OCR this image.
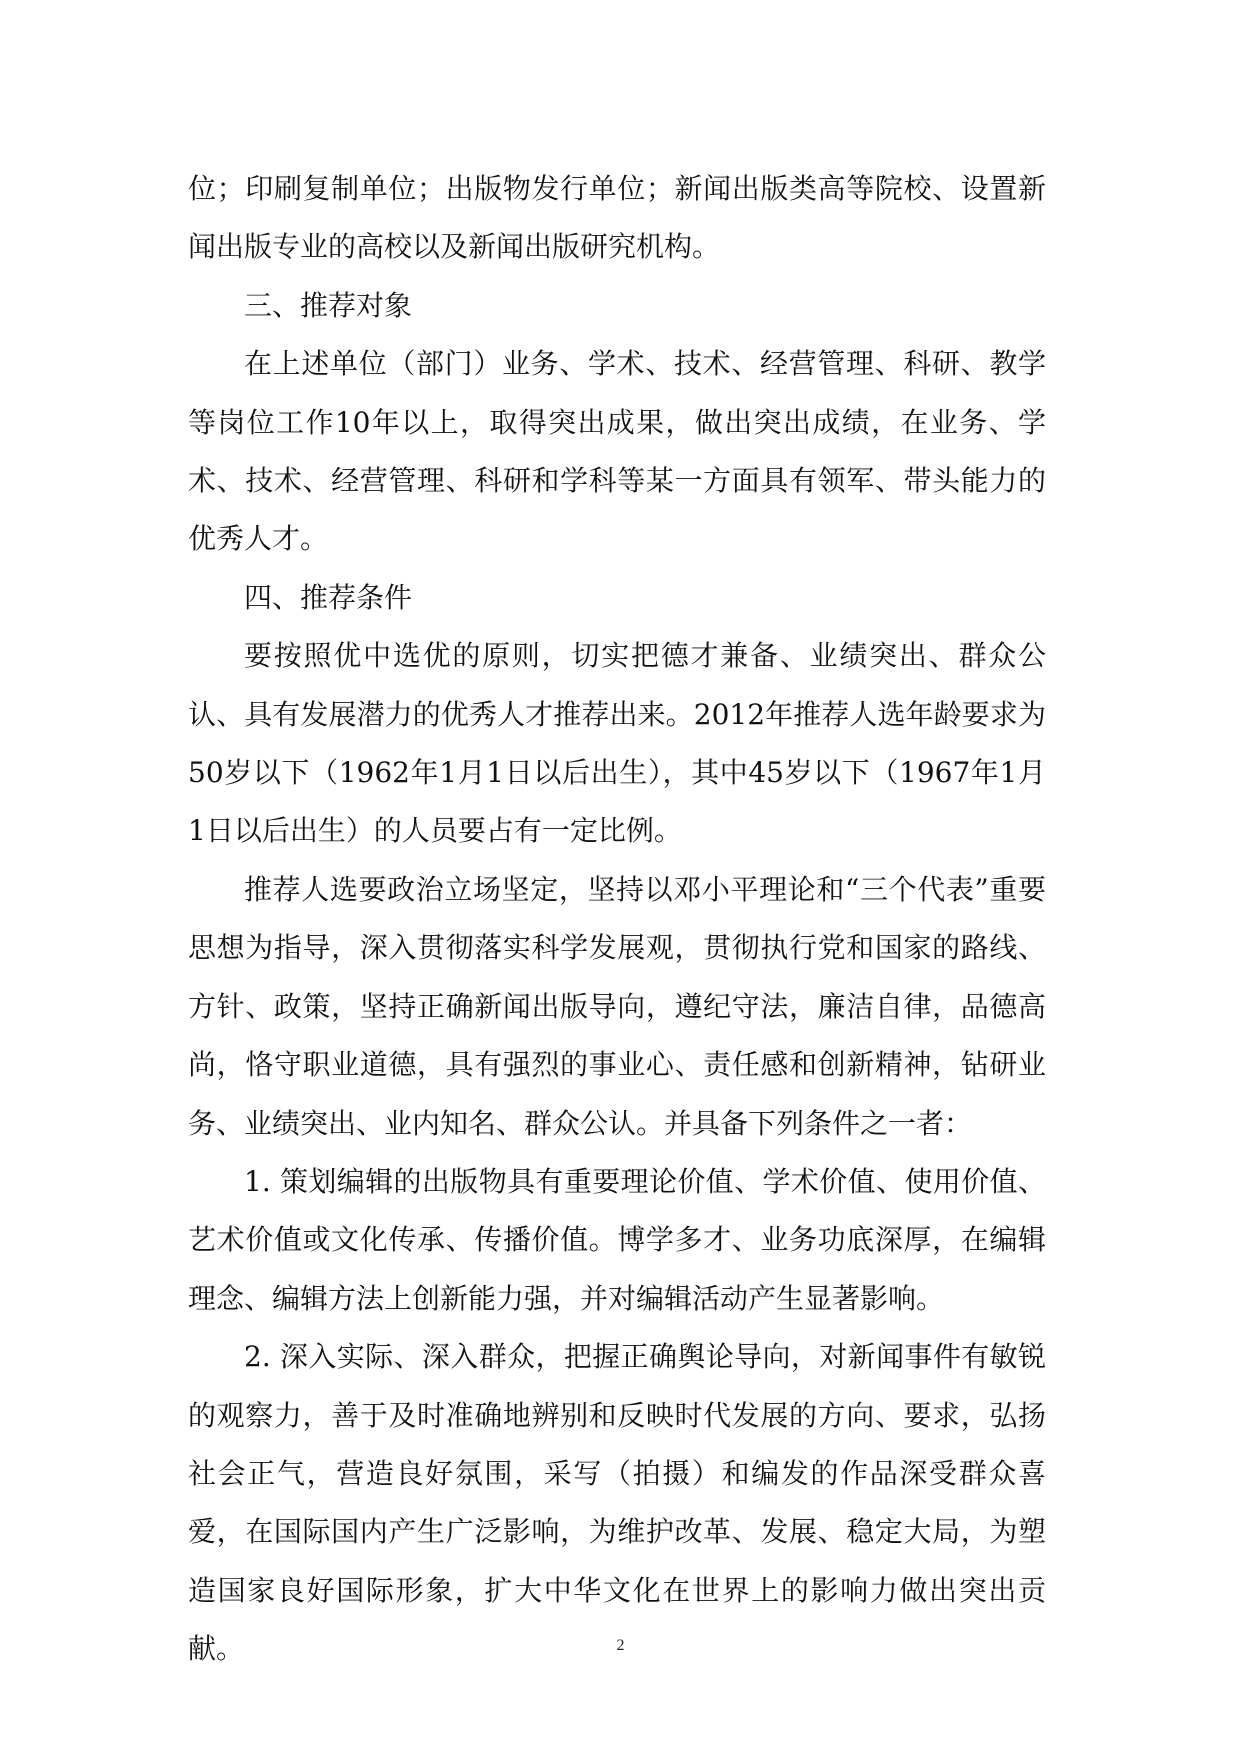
位；印刷复制单位；出版物发行单位；新闻出版类高等院校、设置新闻出版专业的高校以及新闻出版研究机构。

三、推荐对象

在上述单位（部门）业务、学术、技术、经营管理、科研、教学等岗位工作10年以上，取得突出成果，做出突出成绩，在业务、学术、技术、经营管理、科研和学科等某一方面具有领军、带头能力的优秀人才。

四、推荐条件

要按照优中选优的原则，切实把德才兼备、业绩突出、群众公认、具有发展潜力的优秀人才推荐出来。2012年推荐人选年龄要求为50岁以下（1962年1月1日以后出生），其中45岁以下（1967年1月1日以后出生）的人员要占有一定比例。

推荐人选要政治立场坚定，坚持以邓小平理论和“三个代表”重要思想为指导，深入贯彻落实科学发展观，贯彻执行党和国家的路线、方针、政策，坚持正确新闻出版导向，遵纪守法，廉洁自律，品德高尚，恪守职业道德，具有强烈的事业心、责任感和创新精神，钻研业务、业绩突出、业内知名、群众公认。并具备下列条件之一者：

1. 策划编辑的出版物具有重要理论价值、学术价值、使用价值、艺术价值或文化传承、传播价值。博学多才、业务功底深厚，在编辑理念、编辑方法上创新能力强，并对编辑活动产生显著影响。

2. 深入实际、深入群众，把握正确舆论导向，对新闻事件有敏锐的观察力，善于及时准确地辨别和反映时代发展的方向、要求，弘扬社会正气，营造良好氛围，采写（拍摄）和编发的作品深受群众喜爱，在国际国内产生广泛影响，为维护改革、发展、稳定大局，为塑造国家良好国际形象，扩大中华文化在世界上的影响力做出突出贡献。	2
